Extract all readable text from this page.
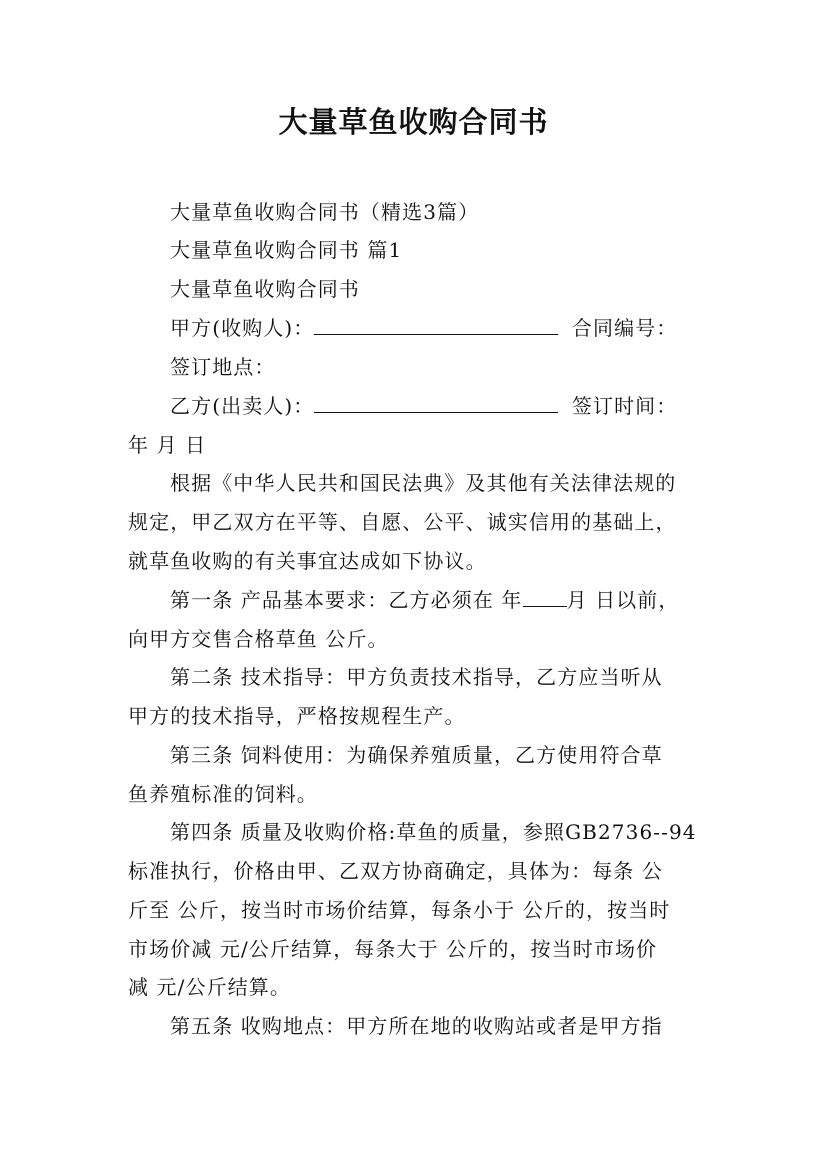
大量草鱼收购合同书
大量草鱼收购合同书（精选3篇）
大量草鱼收购合同书 篇1
大量草鱼收购合同书
甲方(收购人)：	合同编号：
签订地点：
乙方(出卖人)：	签订时间：
年 月 日
根据《中华人民共和国民法典》及其他有关法律法规的
规定，甲乙双方在平等、自愿、公平、诚实信用的基础上，
就草鱼收购的有关事宜达成如下协议。
第一条 产品基本要求：乙方必须在 年 月 日以前，
向甲方交售合格草鱼 公斤。
第二条 技术指导：甲方负责技术指导，乙方应当听从
甲方的技术指导，严格按规程生产。
第三条 饲料使用：为确保养殖质量，乙方使用符合草
鱼养殖标准的饲料。
第四条 质量及收购价格:草鱼的质量，参照GB2736--94
标准执行，价格由甲、乙双方协商确定，具体为：每条 公
斤至 公斤，按当时市场价结算，每条小于 公斤的，按当时
市场价减 元/公斤结算，每条大于 公斤的，按当时市场价
减 元/公斤结算。
第五条 收购地点：甲方所在地的收购站或者是甲方指
